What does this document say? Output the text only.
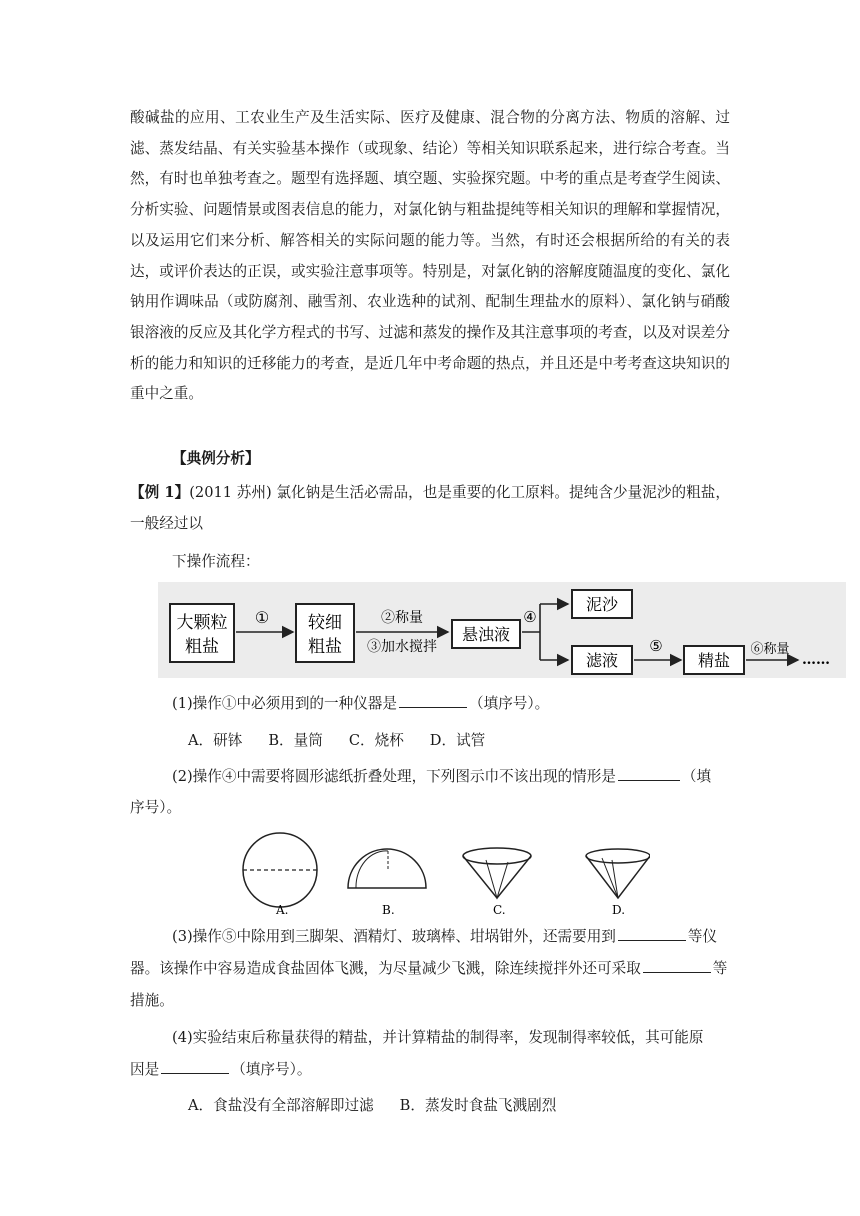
酸碱盐的应用、工农业生产及生活实际、医疗及健康、混合物的分离方法、物质的溶解、过滤、蒸发结晶、有关实验基本操作（或现象、结论）等相关知识联系起来，进行综合考查。当然，有时也单独考查之。题型有选择题、填空题、实验探究题。中考的重点是考查学生阅读、分析实验、问题情景或图表信息的能力，对氯化钠与粗盐提纯等相关知识的理解和掌握情况，以及运用它们来分析、解答相关的实际问题的能力等。当然，有时还会根据所给的有关的表达，或评价表达的正误，或实验注意事项等。特别是，对氯化钠的溶解度随温度的变化、氯化钠用作调味品（或防腐剂、融雪剂、农业选种的试剂、配制生理盐水的原料）、氯化钠与硝酸银溶液的反应及其化学方程式的书写、过滤和蒸发的操作及其注意事项的考查，以及对误差分析的能力和知识的迁移能力的考查，是近几年中考命题的热点，并且还是中考考查这块知识的重中之重。

【典例分析】

【例 1】(2011 苏州) 氯化钠是生活必需品，也是重要的化工原料。提纯含少量泥沙的粗盐，一般经过以

下操作流程：

大颗粒
粗盐
① 较细
粗盐
②称量
③加水搅拌
悬浊液
④
泥沙
滤液
⑤
精盐
⑥称量
……

(1)操作①中必须用到的一种仪器是	（填序号）。

A．研钵 B．量筒 C．烧杯 D．试管

(2)操作④中需要将圆形滤纸折叠处理，下列图示巾不该出现的情形是	（填

序号）。

A.	B.	C.	D.

(3)操作⑤中除用到三脚架、酒精灯、玻璃棒、坩埚钳外，还需要用到	等仪

器。该操作中容易造成食盐固体飞溅，为尽量减少飞溅，除连续搅拌外还可采取	等

措施。

(4)实验结束后称量获得的精盐，并计算精盐的制得率，发现制得率较低，其可能原

因是	（填序号）。

A．食盐没有全部溶解即过滤 B．蒸发时食盐飞溅剧烈
